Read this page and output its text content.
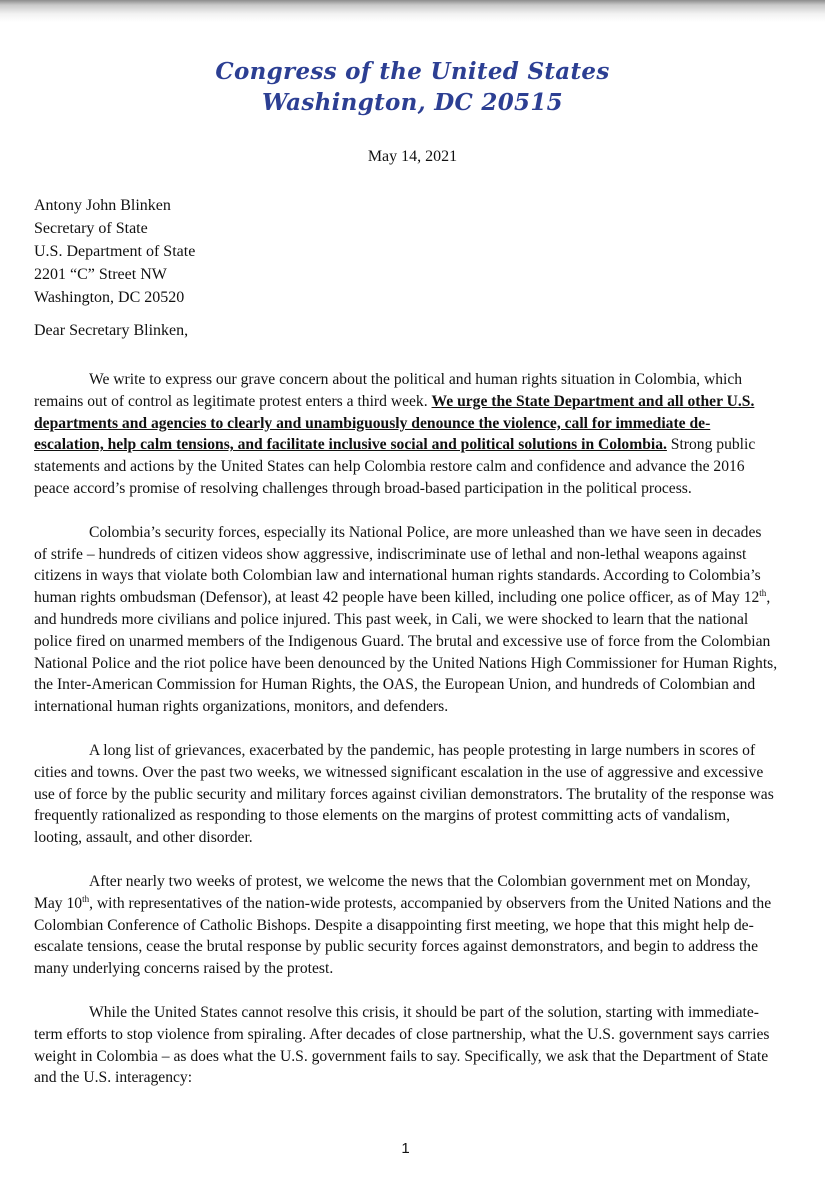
Congress of the United States
Washington, DC 20515
May 14, 2021
Antony John Blinken
Secretary of State
U.S. Department of State
2201 “C” Street NW
Washington, DC 20520
Dear Secretary Blinken,

We write to express our grave concern about the political and human rights situation in Colombia, which remains out of control as legitimate protest enters a third week. We urge the State Department and all other U.S. departments and agencies to clearly and unambiguously denounce the violence, call for immediate de-escalation, help calm tensions, and facilitate inclusive social and political solutions in Colombia. Strong public statements and actions by the United States can help Colombia restore calm and confidence and advance the 2016 peace accord’s promise of resolving challenges through broad-based participation in the political process.

Colombia’s security forces, especially its National Police, are more unleashed than we have seen in decades of strife – hundreds of citizen videos show aggressive, indiscriminate use of lethal and non-lethal weapons against citizens in ways that violate both Colombian law and international human rights standards. According to Colombia’s human rights ombudsman (Defensor), at least 42 people have been killed, including one police officer, as of May 12th, and hundreds more civilians and police injured. This past week, in Cali, we were shocked to learn that the national police fired on unarmed members of the Indigenous Guard. The brutal and excessive use of force from the Colombian National Police and the riot police have been denounced by the United Nations High Commissioner for Human Rights, the Inter-American Commission for Human Rights, the OAS, the European Union, and hundreds of Colombian and international human rights organizations, monitors, and defenders.

A long list of grievances, exacerbated by the pandemic, has people protesting in large numbers in scores of cities and towns. Over the past two weeks, we witnessed significant escalation in the use of aggressive and excessive use of force by the public security and military forces against civilian demonstrators. The brutality of the response was frequently rationalized as responding to those elements on the margins of protest committing acts of vandalism, looting, assault, and other disorder.

After nearly two weeks of protest, we welcome the news that the Colombian government met on Monday, May 10th, with representatives of the nation-wide protests, accompanied by observers from the United Nations and the Colombian Conference of Catholic Bishops. Despite a disappointing first meeting, we hope that this might help de-escalate tensions, cease the brutal response by public security forces against demonstrators, and begin to address the many underlying concerns raised by the protest.

While the United States cannot resolve this crisis, it should be part of the solution, starting with immediate-term efforts to stop violence from spiraling. After decades of close partnership, what the U.S. government says carries weight in Colombia – as does what the U.S. government fails to say. Specifically, we ask that the Department of State and the U.S. interagency:

1
